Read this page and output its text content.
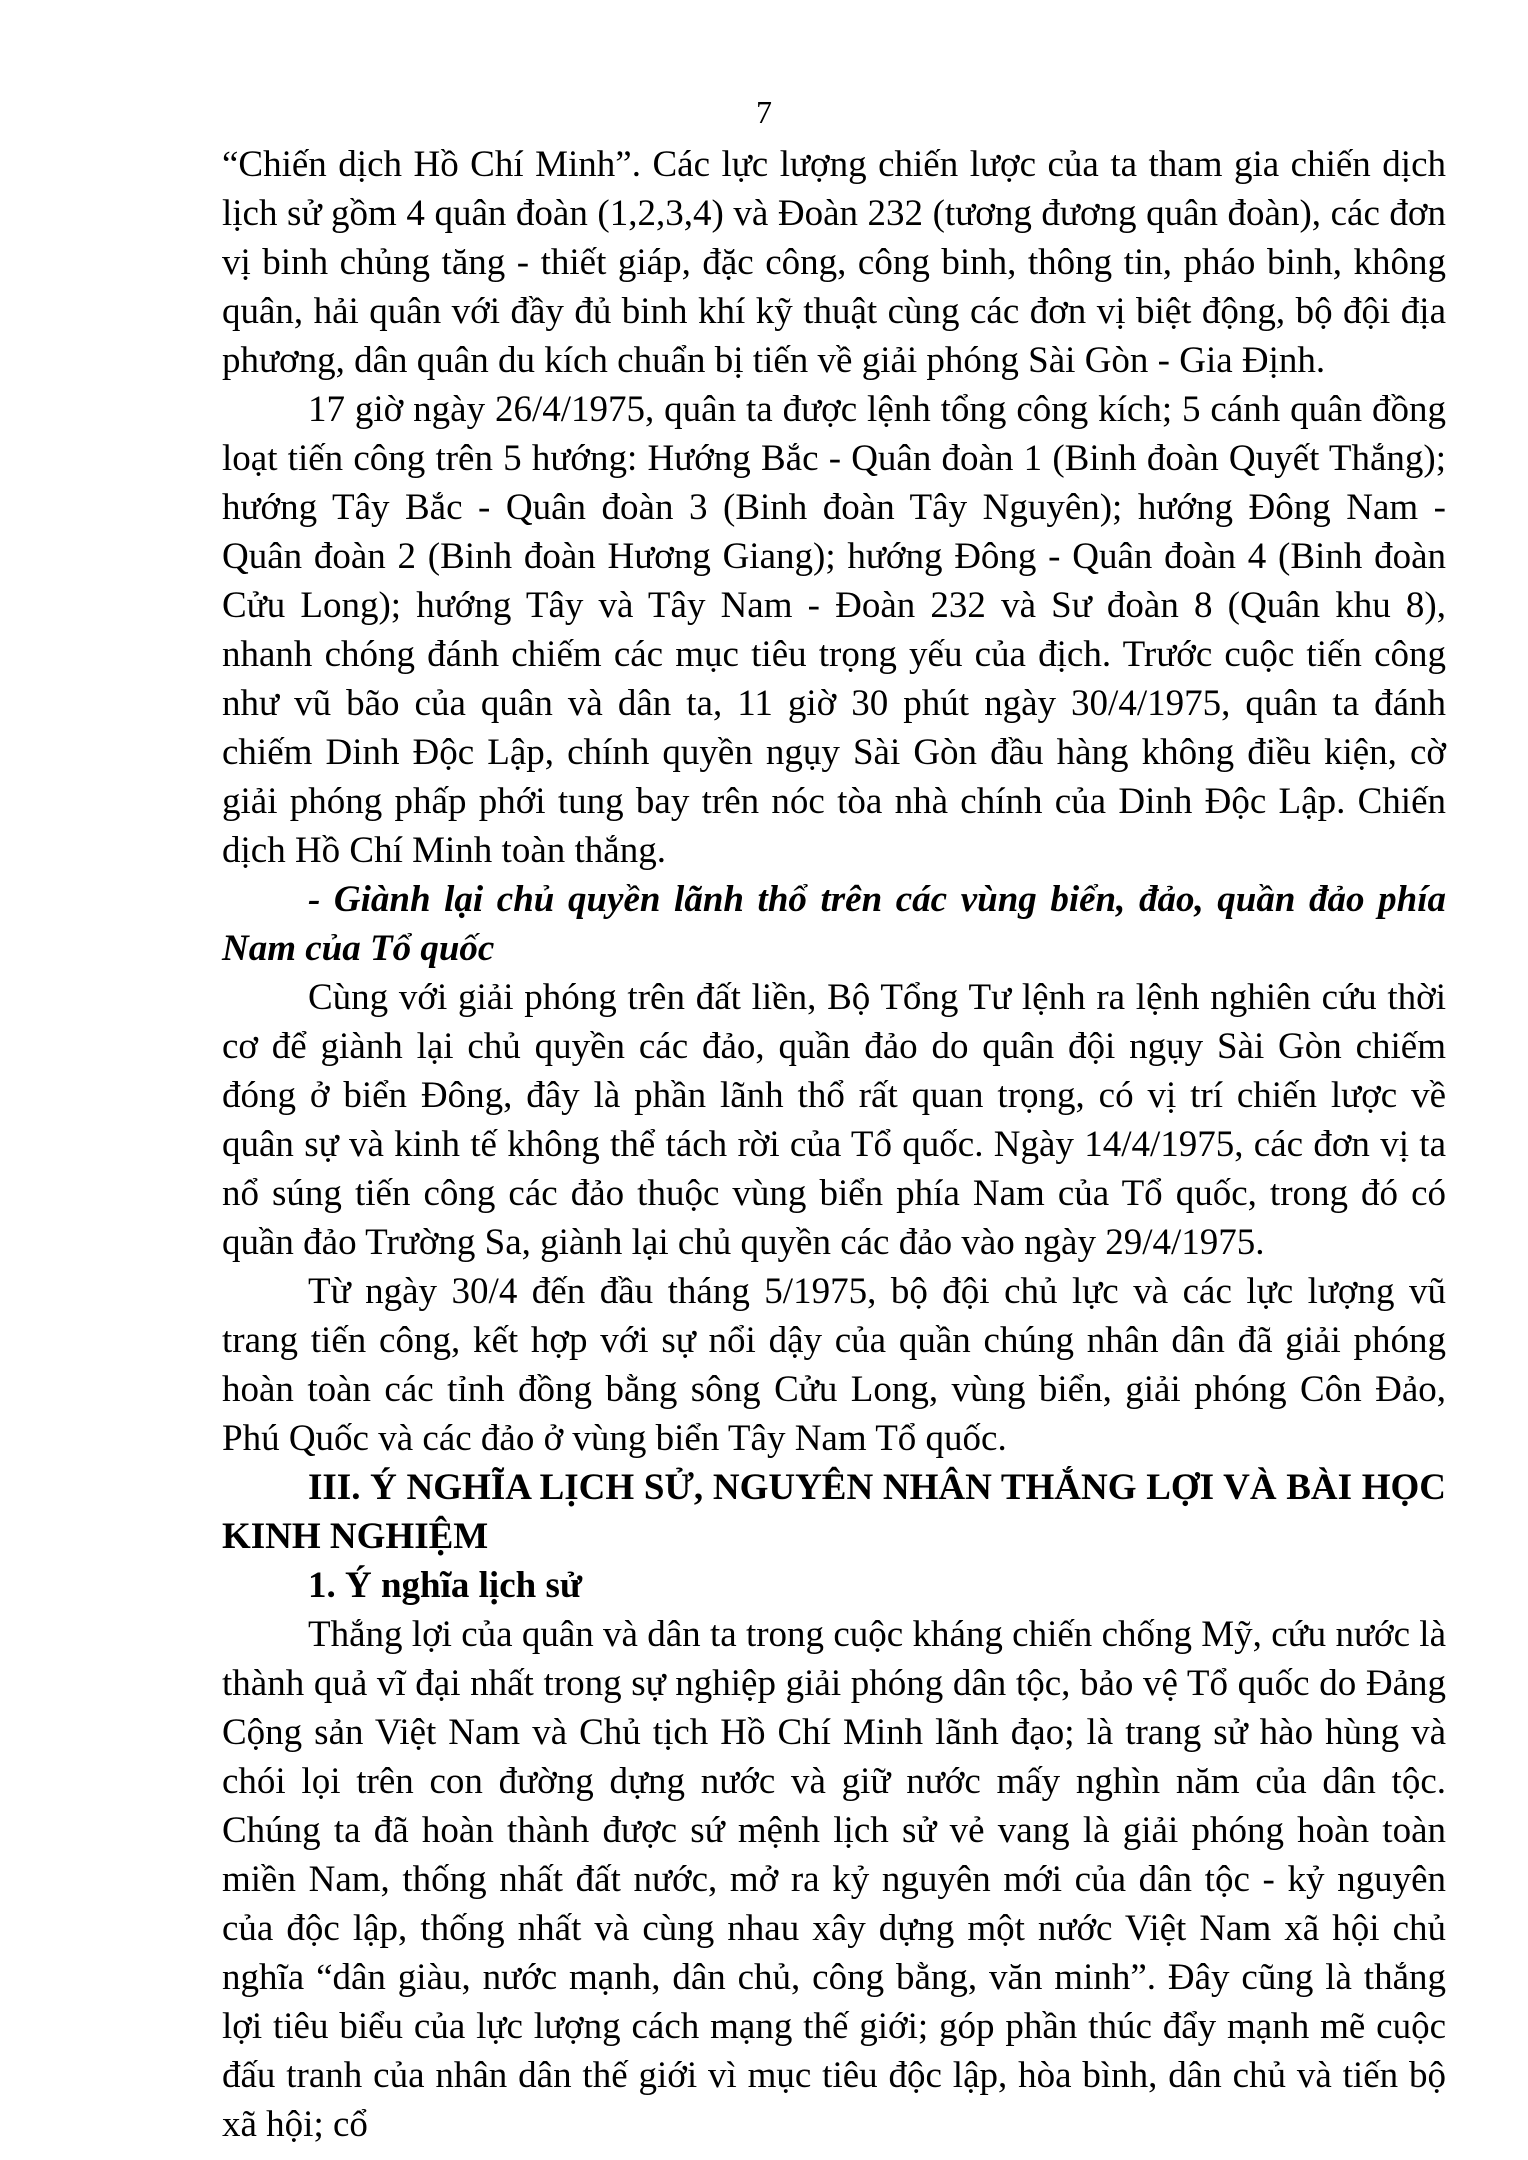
7

“Chiến dịch Hồ Chí Minh”. Các lực lượng chiến lược của ta tham gia chiến dịch lịch sử gồm 4 quân đoàn (1,2,3,4) và Đoàn 232 (tương đương quân đoàn), các đơn vị binh chủng tăng - thiết giáp, đặc công, công binh, thông tin, pháo binh, không quân, hải quân với đầy đủ binh khí kỹ thuật cùng các đơn vị biệt động, bộ đội địa phương, dân quân du kích chuẩn bị tiến về giải phóng Sài Gòn - Gia Định.

17 giờ ngày 26/4/1975, quân ta được lệnh tổng công kích; 5 cánh quân đồng loạt tiến công trên 5 hướng: Hướng Bắc - Quân đoàn 1 (Binh đoàn Quyết Thắng); hướng Tây Bắc - Quân đoàn 3 (Binh đoàn Tây Nguyên); hướng Đông Nam - Quân đoàn 2 (Binh đoàn Hương Giang); hướng Đông - Quân đoàn 4 (Binh đoàn Cửu Long); hướng Tây và Tây Nam - Đoàn 232 và Sư đoàn 8 (Quân khu 8), nhanh chóng đánh chiếm các mục tiêu trọng yếu của địch. Trước cuộc tiến công như vũ bão của quân và dân ta, 11 giờ 30 phút ngày 30/4/1975, quân ta đánh chiếm Dinh Độc Lập, chính quyền ngụy Sài Gòn đầu hàng không điều kiện, cờ giải phóng phấp phới tung bay trên nóc tòa nhà chính của Dinh Độc Lập. Chiến dịch Hồ Chí Minh toàn thắng.

- Giành lại chủ quyền lãnh thổ trên các vùng biển, đảo, quần đảo phía Nam của Tổ quốc

Cùng với giải phóng trên đất liền, Bộ Tổng Tư lệnh ra lệnh nghiên cứu thời cơ để giành lại chủ quyền các đảo, quần đảo do quân đội ngụy Sài Gòn chiếm đóng ở biển Đông, đây là phần lãnh thổ rất quan trọng, có vị trí chiến lược về quân sự và kinh tế không thể tách rời của Tổ quốc. Ngày 14/4/1975, các đơn vị ta nổ súng tiến công các đảo thuộc vùng biển phía Nam của Tổ quốc, trong đó có quần đảo Trường Sa, giành lại chủ quyền các đảo vào ngày 29/4/1975.

Từ ngày 30/4 đến đầu tháng 5/1975, bộ đội chủ lực và các lực lượng vũ trang tiến công, kết hợp với sự nổi dậy của quần chúng nhân dân đã giải phóng hoàn toàn các tỉnh đồng bằng sông Cửu Long, vùng biển, giải phóng Côn Đảo, Phú Quốc và các đảo ở vùng biển Tây Nam Tổ quốc.

III. Ý NGHĨA LỊCH SỬ, NGUYÊN NHÂN THẮNG LỢI VÀ BÀI HỌC KINH NGHIỆM

1. Ý nghĩa lịch sử

Thắng lợi của quân và dân ta trong cuộc kháng chiến chống Mỹ, cứu nước là thành quả vĩ đại nhất trong sự nghiệp giải phóng dân tộc, bảo vệ Tổ quốc do Đảng Cộng sản Việt Nam và Chủ tịch Hồ Chí Minh lãnh đạo; là trang sử hào hùng và chói lọi trên con đường dựng nước và giữ nước mấy nghìn năm của dân tộc. Chúng ta đã hoàn thành được sứ mệnh lịch sử vẻ vang là giải phóng hoàn toàn miền Nam, thống nhất đất nước, mở ra kỷ nguyên mới của dân tộc - kỷ nguyên của độc lập, thống nhất và cùng nhau xây dựng một nước Việt Nam xã hội chủ nghĩa “dân giàu, nước mạnh, dân chủ, công bằng, văn minh”. Đây cũng là thắng lợi tiêu biểu của lực lượng cách mạng thế giới; góp phần thúc đẩy mạnh mẽ cuộc đấu tranh của nhân dân thế giới vì mục tiêu độc lập, hòa bình, dân chủ và tiến bộ xã hội; cổ
